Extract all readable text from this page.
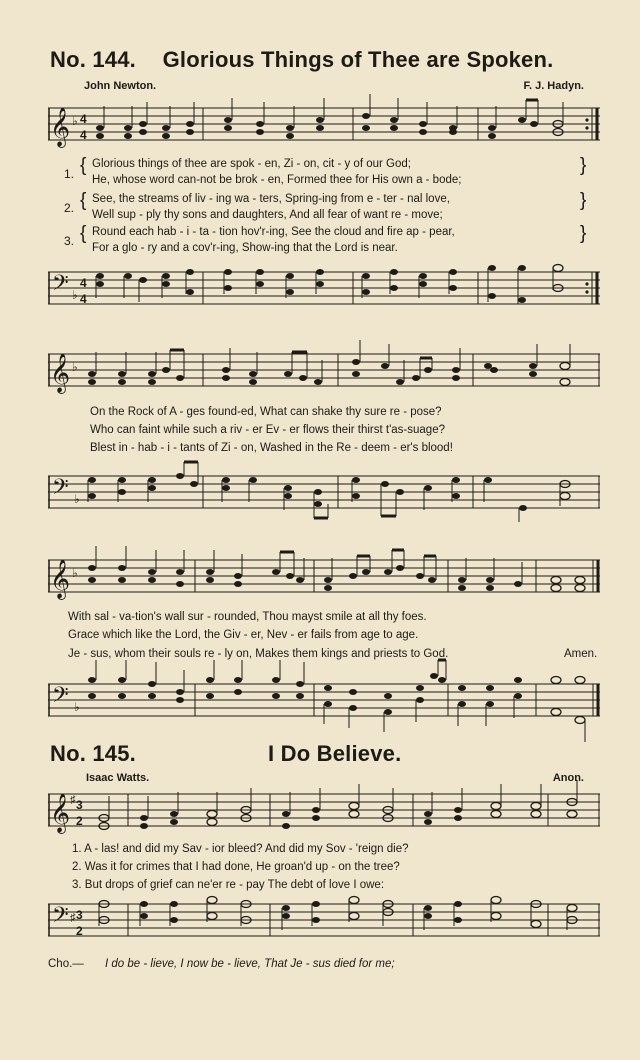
No. 144. Glorious Things of Thee are Spoken.
John Newton.	F. J. Hadyn.
𝄞 ♭ 4
4
1.
2.
3.
{
{
{
}
}
}
Glorious things of thee are spok - en, Zi - on, cit - y of our God;
He, whose word can-not be brok - en, Formed thee for His own a - bode;
See, the streams of liv - ing wa - ters, Spring-ing from e - ter - nal love,
Well sup - ply thy sons and daughters, And all fear of want re - move;
Round each hab - i - ta - tion hov'r-ing, See the cloud and fire ap - pear,
For a glo - ry and a cov'r-ing, Show-ing that the Lord is near.
𝄢 ♭
4
4
𝄞 ♭
On the Rock of A - ges found-ed, What can shake thy sure re - pose?
Who can faint while such a riv - er Ev - er flows their thirst t'as-suage?
Blest in - hab - i - tants of Zi - on, Washed in the Re - deem - er's blood!
𝄢 ♭
𝄞 ♭
With sal - va-tion's wall sur - rounded, Thou mayst smile at all thy foes.
Grace which like the Lord, the Giv - er, Nev - er fails from age to age.
Je - sus, whom their souls re - ly on, Makes them kings and priests to God.	Amen.
𝄢 ♭
No. 145.	I Do Believe.
Isaac Watts.	Anon.
𝄞 ♯ 3
2
1. A - las! and did my Sav - ior bleed? And did my Sov - 'reign die?
2. Was it for crimes that I had done, He groan'd up - on the tree?
3. But drops of grief can ne'er re - pay The debt of love I owe:
𝄢 ♯ 3
2
Cho.— I do be - lieve, I now be - lieve, That Je - sus died for me;
